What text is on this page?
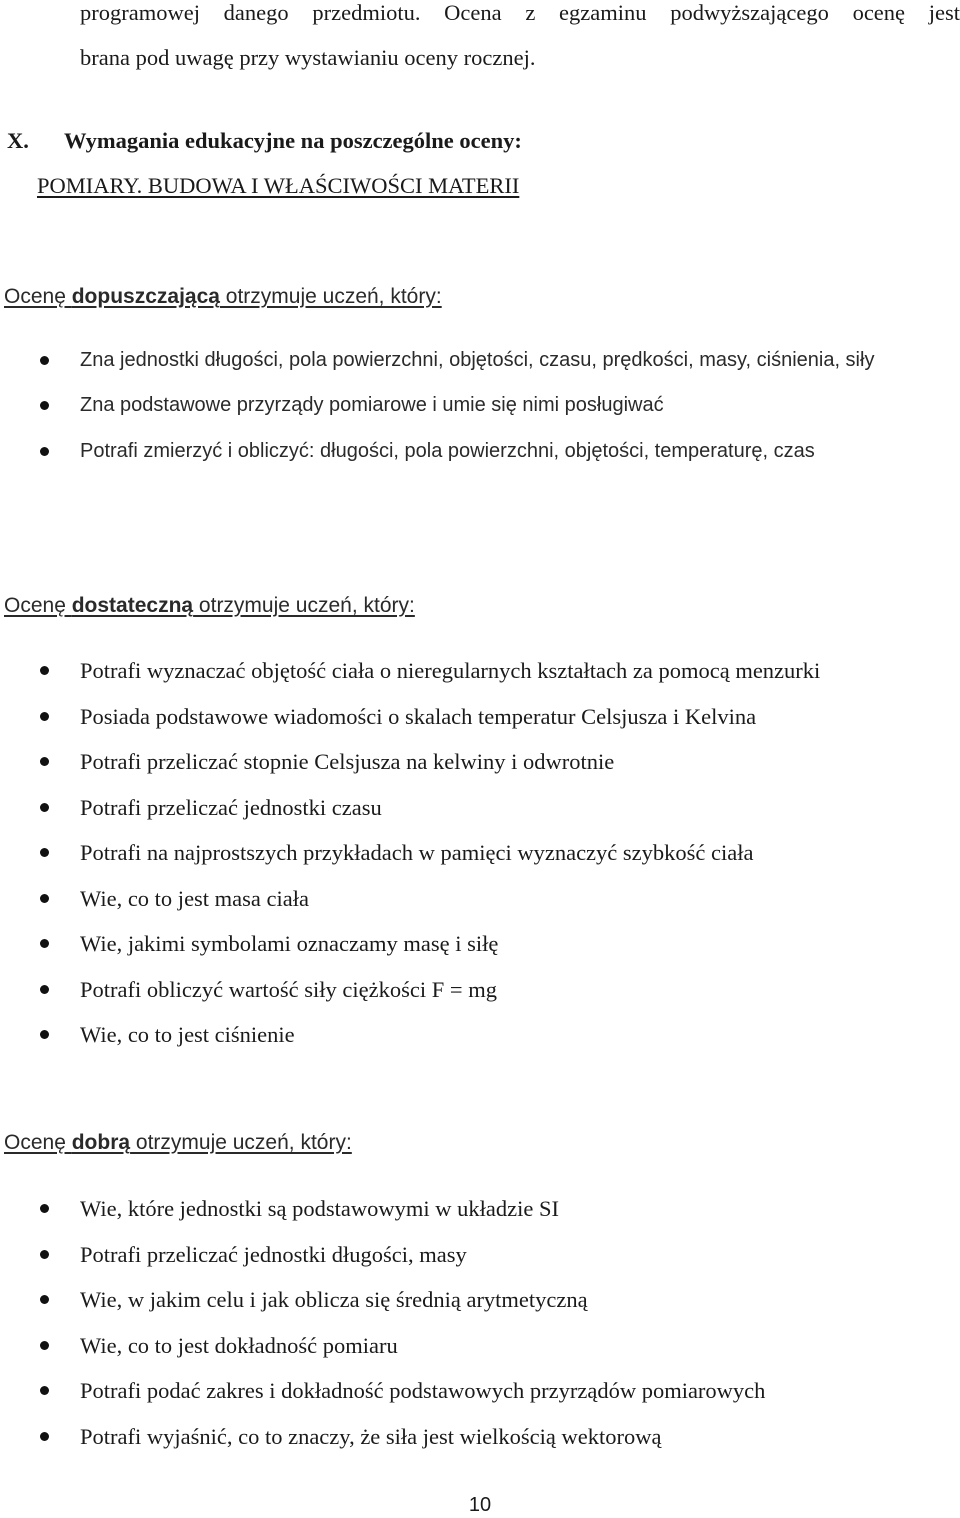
programowej danego przedmiotu. Ocena z egzaminu podwyższającego ocenę jest
brana pod uwagę przy wystawianiu oceny rocznej.
X. Wymagania edukacyjne na poszczególne oceny:
POMIARY. BUDOWA I WŁAŚCIWOŚCI MATERII
Ocenę dopuszczającą otrzymuje uczeń, który:
Zna jednostki długości, pola powierzchni, objętości, czasu, prędkości, masy, ciśnienia, siły
Zna podstawowe przyrządy pomiarowe i umie się nimi posługiwać
Potrafi zmierzyć i obliczyć: długości, pola powierzchni, objętości, temperaturę, czas
Ocenę dostateczną otrzymuje uczeń, który:
Potrafi wyznaczać objętość ciała o nieregularnych kształtach za pomocą menzurki
Posiada podstawowe wiadomości o skalach temperatur Celsjusza i Kelvina
Potrafi przeliczać stopnie Celsjusza na kelwiny i odwrotnie
Potrafi przeliczać jednostki czasu
Potrafi na najprostszych przykładach w pamięci wyznaczyć szybkość ciała
Wie, co to jest masa ciała
Wie, jakimi symbolami oznaczamy masę i siłę
Potrafi obliczyć wartość siły ciężkości F = mg
Wie, co to jest ciśnienie
Ocenę dobrą otrzymuje uczeń, który:
Wie, które jednostki są podstawowymi w układzie SI
Potrafi przeliczać jednostki długości, masy
Wie, w jakim celu i jak oblicza się średnią arytmetyczną
Wie, co to jest dokładność pomiaru
Potrafi podać zakres i dokładność podstawowych przyrządów pomiarowych
Potrafi wyjaśnić, co to znaczy, że siła jest wielkością wektorową
10
